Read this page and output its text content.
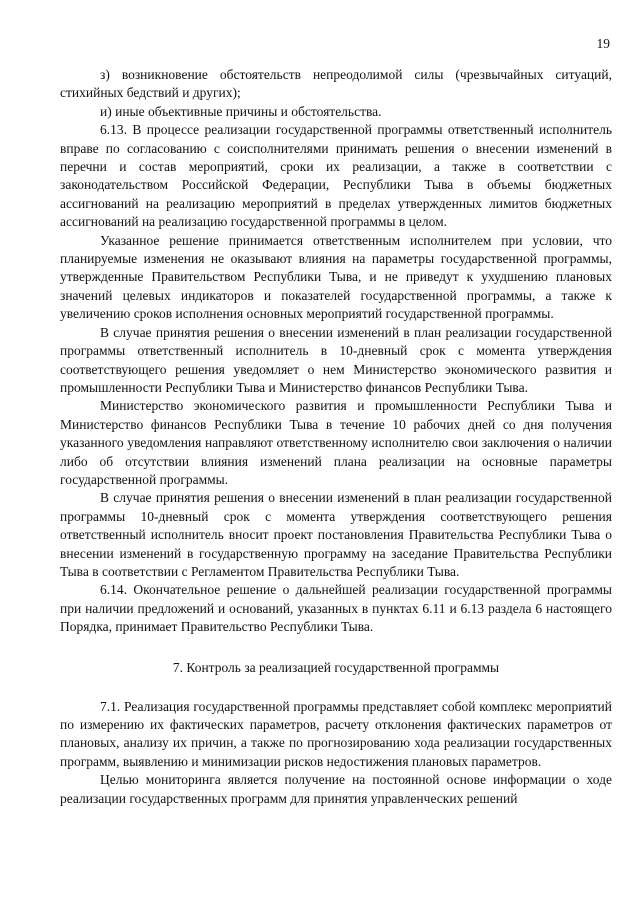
19

з) возникновение обстоятельств непреодолимой силы (чрезвычайных ситуаций, стихийных бедствий и других);

и) иные объективные причины и обстоятельства.

6.13. В процессе реализации государственной программы ответственный исполнитель вправе по согласованию с соисполнителями принимать решения о внесении изменений в перечни и состав мероприятий, сроки их реализации, а также в соответствии с законодательством Российской Федерации, Республики Тыва в объемы бюджетных ассигнований на реализацию мероприятий в пределах утвержденных лимитов бюджетных ассигнований на реализацию государственной программы в целом.

Указанное решение принимается ответственным исполнителем при условии, что планируемые изменения не оказывают влияния на параметры государственной программы, утвержденные Правительством Республики Тыва, и не приведут к ухудшению плановых значений целевых индикаторов и показателей государственной программы, а также к увеличению сроков исполнения основных мероприятий государственной программы.

В случае принятия решения о внесении изменений в план реализации государственной программы ответственный исполнитель в 10-дневный срок с момента утверждения соответствующего решения уведомляет о нем Министерство экономического развития и промышленности Республики Тыва и Министерство финансов Республики Тыва.

Министерство экономического развития и промышленности Республики Тыва и Министерство финансов Республики Тыва в течение 10 рабочих дней со дня получения указанного уведомления направляют ответственному исполнителю свои заключения о наличии либо об отсутствии влияния изменений плана реализации на основные параметры государственной программы.

В случае принятия решения о внесении изменений в план реализации государственной программы 10-дневный срок с момента утверждения соответствующего решения ответственный исполнитель вносит проект постановления Правительства Республики Тыва о внесении изменений в государственную программу на заседание Правительства Республики Тыва в соответствии с Регламентом Правительства Республики Тыва.

6.14. Окончательное решение о дальнейшей реализации государственной программы при наличии предложений и оснований, указанных в пунктах 6.11 и 6.13 раздела 6 настоящего Порядка, принимает Правительство Республики Тыва.

7. Контроль за реализацией государственной программы

7.1. Реализация государственной программы представляет собой комплекс мероприятий по измерению их фактических параметров, расчету отклонения фактических параметров от плановых, анализу их причин, а также по прогнозированию хода реализации государственных программ, выявлению и минимизации рисков недостижения плановых параметров.

Целью мониторинга является получение на постоянной основе информации о ходе реализации государственных программ для принятия управленческих решений
